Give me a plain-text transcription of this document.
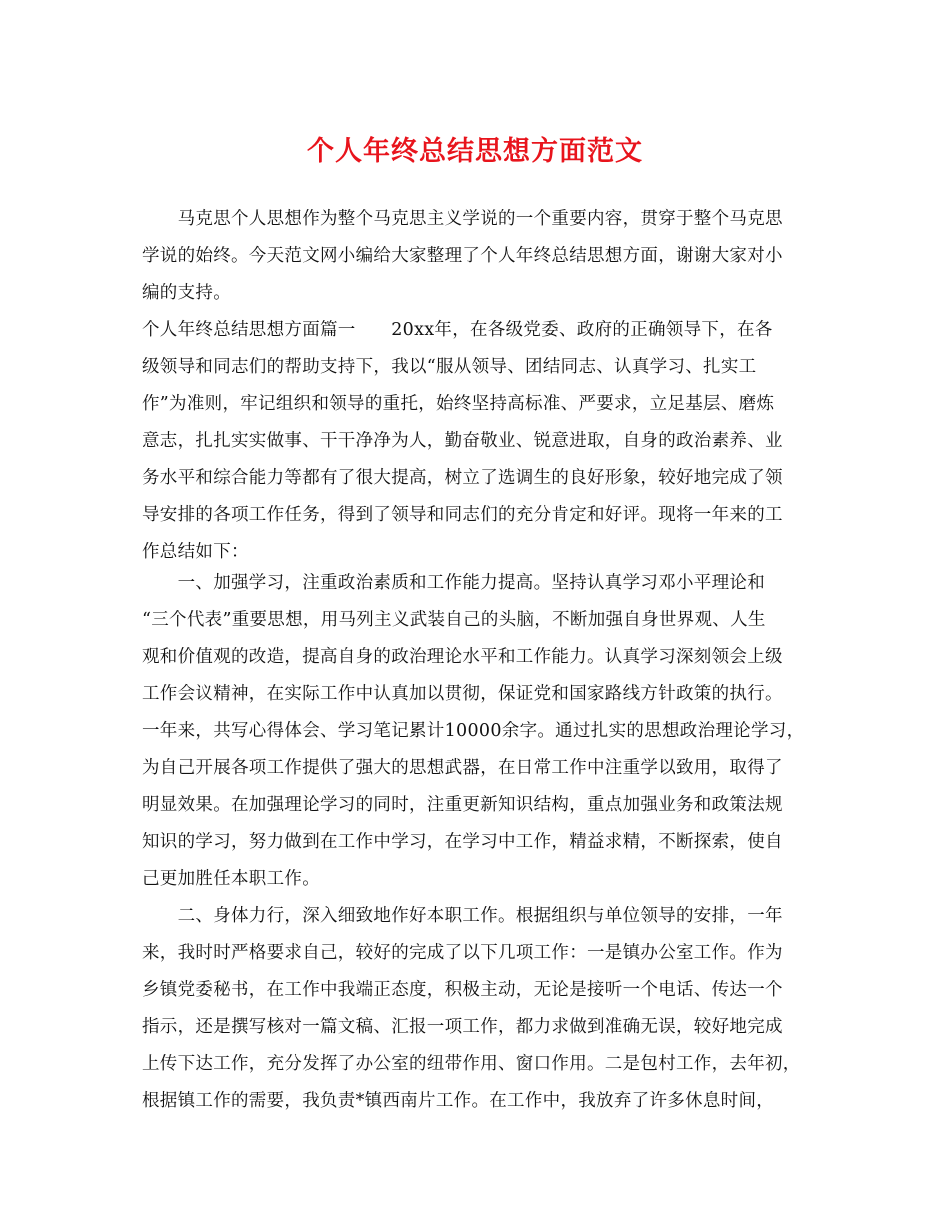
个人年终总结思想方面范文
　　马克思个人思想作为整个马克思主义学说的一个重要内容，贯穿于整个马克思
学说的始终。今天范文网小编给大家整理了个人年终总结思想方面，谢谢大家对小
编的支持。
个人年终总结思想方面篇一　　20xx年，在各级党委、政府的正确领导下，在各
级领导和同志们的帮助支持下，我以“服从领导、团结同志、认真学习、扎实工
作”为准则，牢记组织和领导的重托，始终坚持高标准、严要求，立足基层、磨炼
意志，扎扎实实做事、干干净净为人，勤奋敬业、锐意进取，自身的政治素养、业
务水平和综合能力等都有了很大提高，树立了选调生的良好形象，较好地完成了领
导安排的各项工作任务，得到了领导和同志们的充分肯定和好评。现将一年来的工
作总结如下：
　　一、加强学习，注重政治素质和工作能力提高。坚持认真学习邓小平理论和
“三个代表”重要思想，用马列主义武装自己的头脑，不断加强自身世界观、人生
观和价值观的改造，提高自身的政治理论水平和工作能力。认真学习深刻领会上级
工作会议精神，在实际工作中认真加以贯彻，保证党和国家路线方针政策的执行。
一年来，共写心得体会、学习笔记累计10000余字。通过扎实的思想政治理论学习，
为自己开展各项工作提供了强大的思想武器，在日常工作中注重学以致用，取得了
明显效果。在加强理论学习的同时，注重更新知识结构，重点加强业务和政策法规
知识的学习，努力做到在工作中学习，在学习中工作，精益求精，不断探索，使自
己更加胜任本职工作。
　　二、身体力行，深入细致地作好本职工作。根据组织与单位领导的安排，一年
来，我时时严格要求自己，较好的完成了以下几项工作：一是镇办公室工作。作为
乡镇党委秘书，在工作中我端正态度，积极主动，无论是接听一个电话、传达一个
指示，还是撰写核对一篇文稿、汇报一项工作，都力求做到准确无误，较好地完成
上传下达工作，充分发挥了办公室的纽带作用、窗口作用。二是包村工作，去年初，
根据镇工作的需要，我负责*镇西南片工作。在工作中，我放弃了许多休息时间，
